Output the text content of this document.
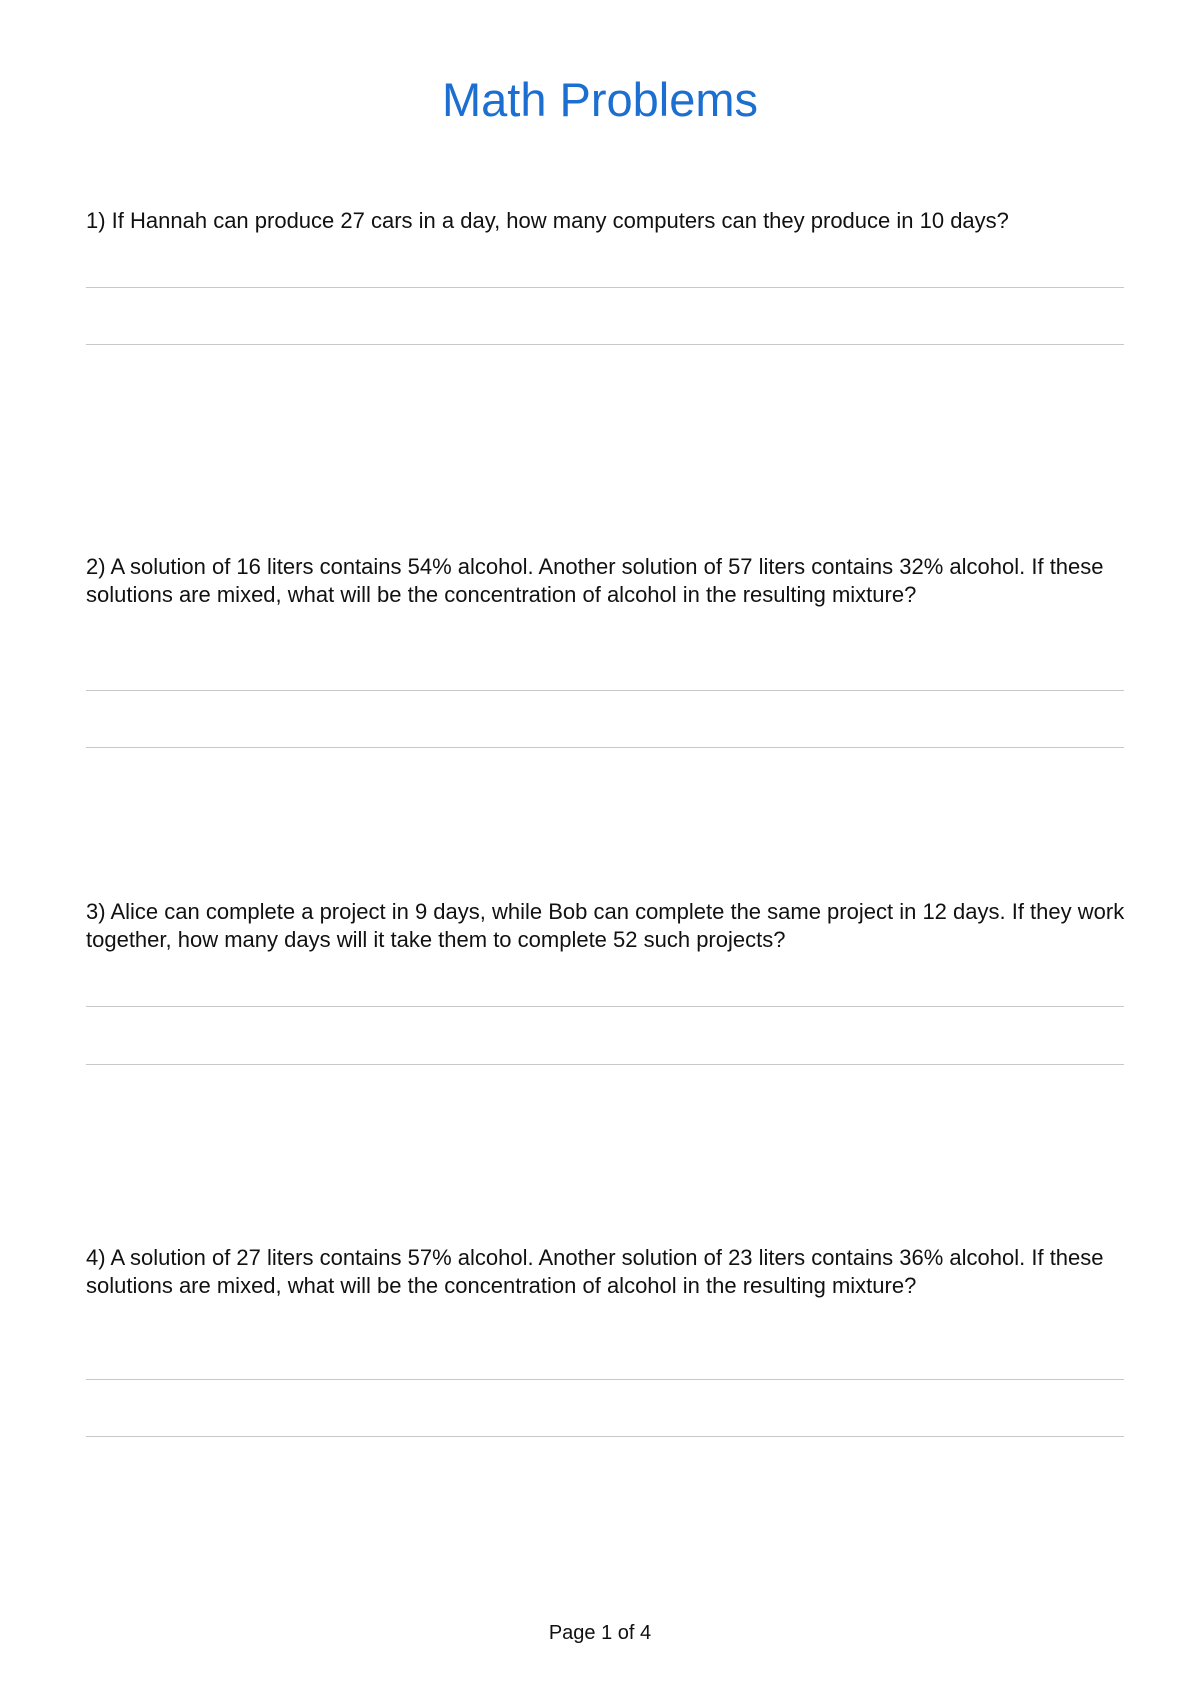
Math Problems

1) If Hannah can produce 27 cars in a day, how many computers can they produce in 10 days?

2) A solution of 16 liters contains 54% alcohol. Another solution of 57 liters contains 32% alcohol. If these solutions are mixed, what will be the concentration of alcohol in the resulting mixture?

3) Alice can complete a project in 9 days, while Bob can complete the same project in 12 days. If they work together, how many days will it take them to complete 52 such projects?

4) A solution of 27 liters contains 57% alcohol. Another solution of 23 liters contains 36% alcohol. If these solutions are mixed, what will be the concentration of alcohol in the resulting mixture?

Page 1 of 4
